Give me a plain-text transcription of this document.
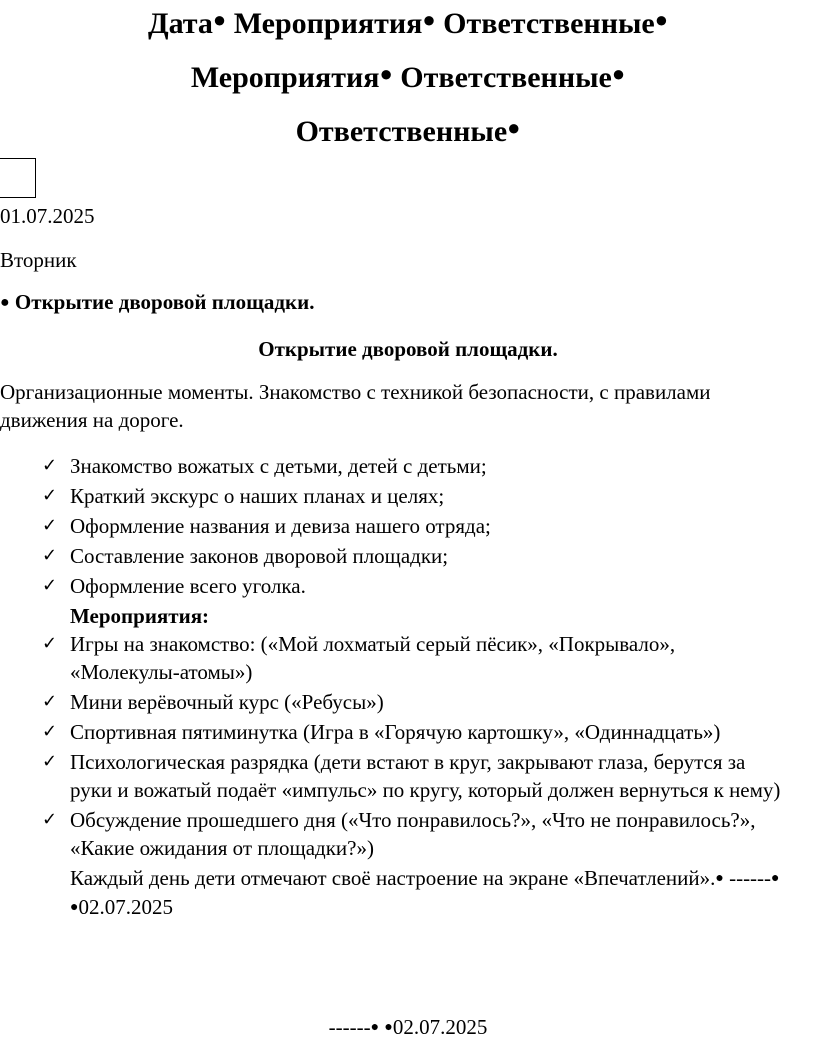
Дата● Мероприятия● Ответственные●
Мероприятия● Ответственные●
Ответственные●
01.07.2025
Вторник
● Открытие дворовой площадки.
Открытие дворовой площадки.
Организационные моменты. Знакомство с техникой безопасности, с правилами движения на дороге.
✓ Знакомство вожатых с детьми, детей с детьми;
✓ Краткий экскурс о наших планах и целях;
✓ Оформление названия и девиза нашего отряда;
✓ Составление законов дворовой площадки;
✓ Оформление всего уголка.
Мероприятия:
✓ Игры на знакомство: («Мой лохматый серый пёсик», «Покрывало», «Молекулы-атомы»)
✓ Мини верёвочный курс («Ребусы»)
✓ Спортивная пятиминутка (Игра в «Горячую картошку», «Одиннадцать»)
✓ Психологическая разрядка (дети встают в круг, закрывают глаза, берутся за руки и вожатый подаёт «импульс» по кругу, который должен вернуться к нему)
✓ Обсуждение прошедшего дня («Что понравилось?», «Что не понравилось?», «Какие ожидания от площадки?»)
Каждый день дети отмечают своё настроение на экране «Впечатлений».● ------● ●02.07.2025
------● ●02.07.2025
